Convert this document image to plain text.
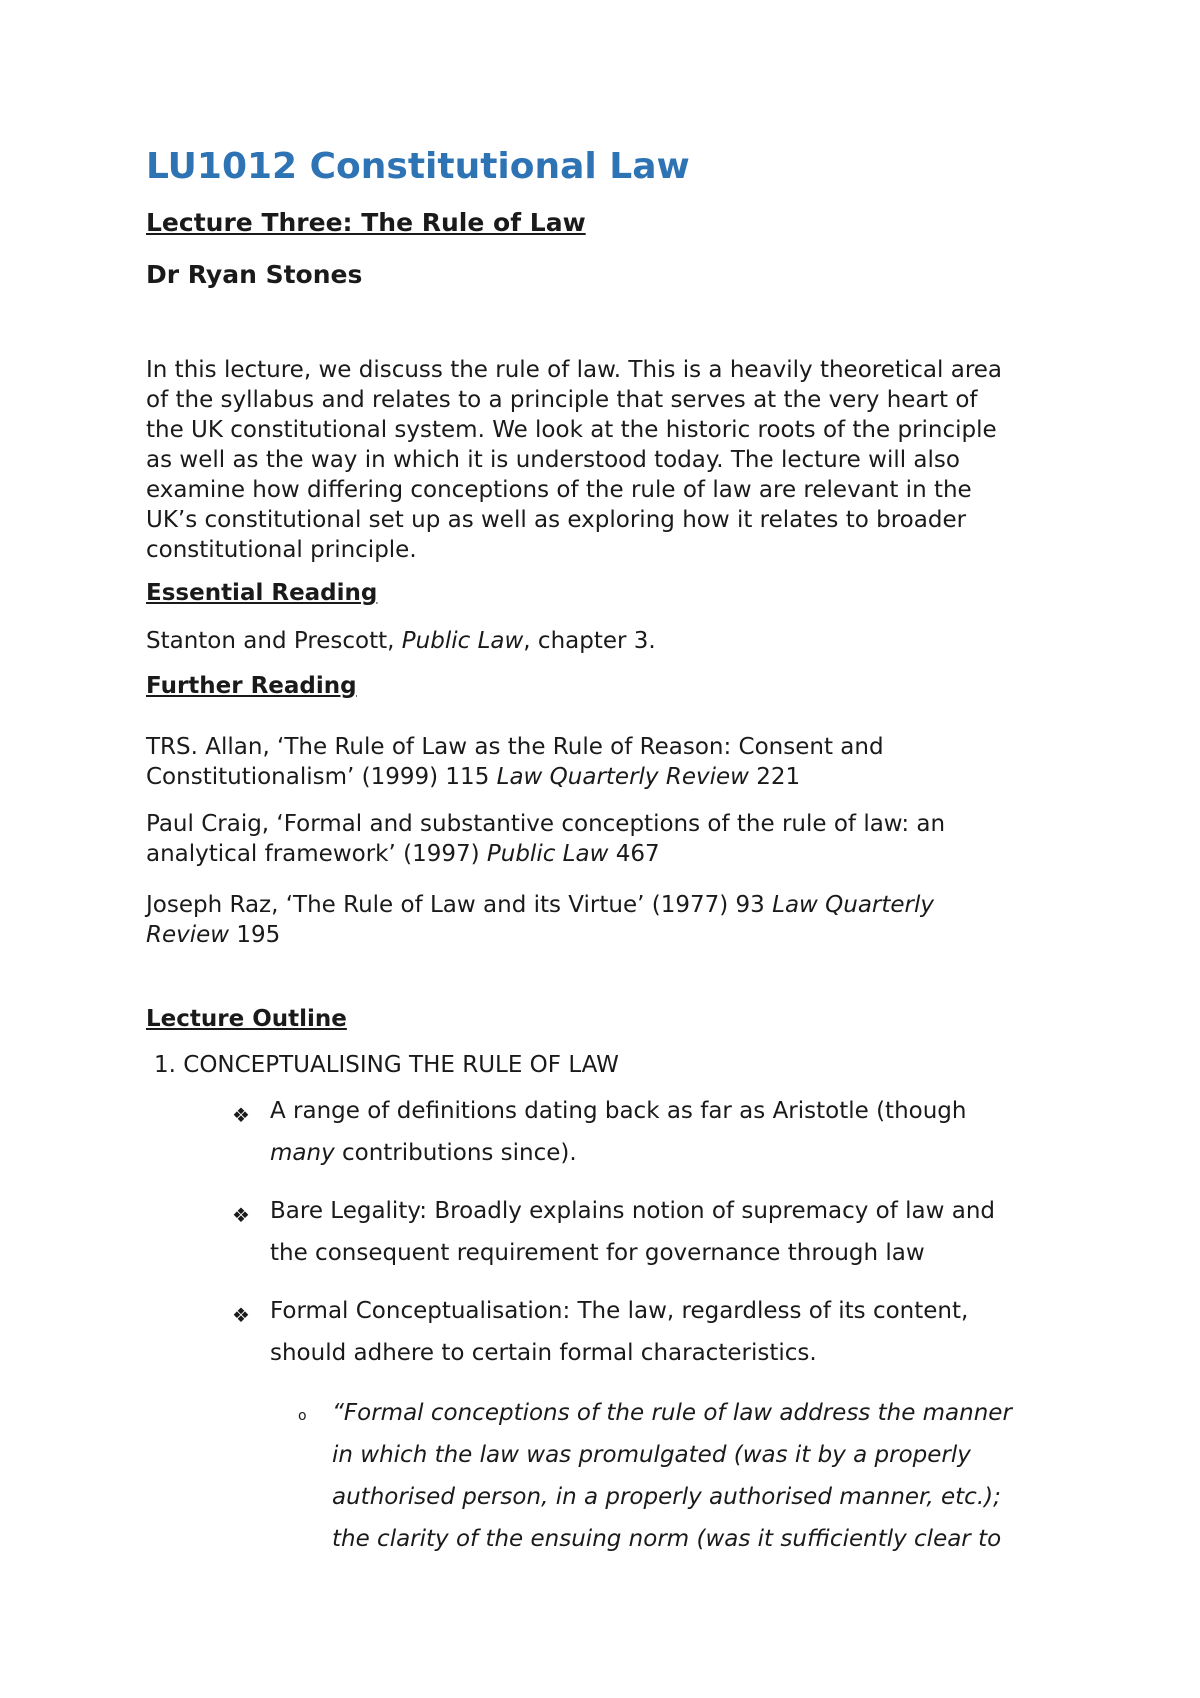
LU1012 Constitutional Law
Lecture Three: The Rule of Law
Dr Ryan Stones
In this lecture, we discuss the rule of law. This is a heavily theoretical area
of the syllabus and relates to a principle that serves at the very heart of
the UK constitutional system. We look at the historic roots of the principle
as well as the way in which it is understood today. The lecture will also
examine how differing conceptions of the rule of law are relevant in the
UK’s constitutional set up as well as exploring how it relates to broader
constitutional principle.
Essential Reading
Stanton and Prescott, Public Law, chapter 3.
Further Reading
TRS. Allan, ‘The Rule of Law as the Rule of Reason: Consent and
Constitutionalism’ (1999) 115 Law Quarterly Review 221
Paul Craig, ‘Formal and substantive conceptions of the rule of law: an
analytical framework’ (1997) Public Law 467
Joseph Raz, ‘The Rule of Law and its Virtue’ (1977) 93 Law Quarterly
Review 195
Lecture Outline
1. CONCEPTUALISING THE RULE OF LAW
❖ A range of definitions dating back as far as Aristotle (though
many contributions since).
❖ Bare Legality: Broadly explains notion of supremacy of law and
the consequent requirement for governance through law
❖ Formal Conceptualisation: The law, regardless of its content,
should adhere to certain formal characteristics.
o “Formal conceptions of the rule of law address the manner
in which the law was promulgated (was it by a properly
authorised person, in a properly authorised manner, etc.);
the clarity of the ensuing norm (was it sufficiently clear to
